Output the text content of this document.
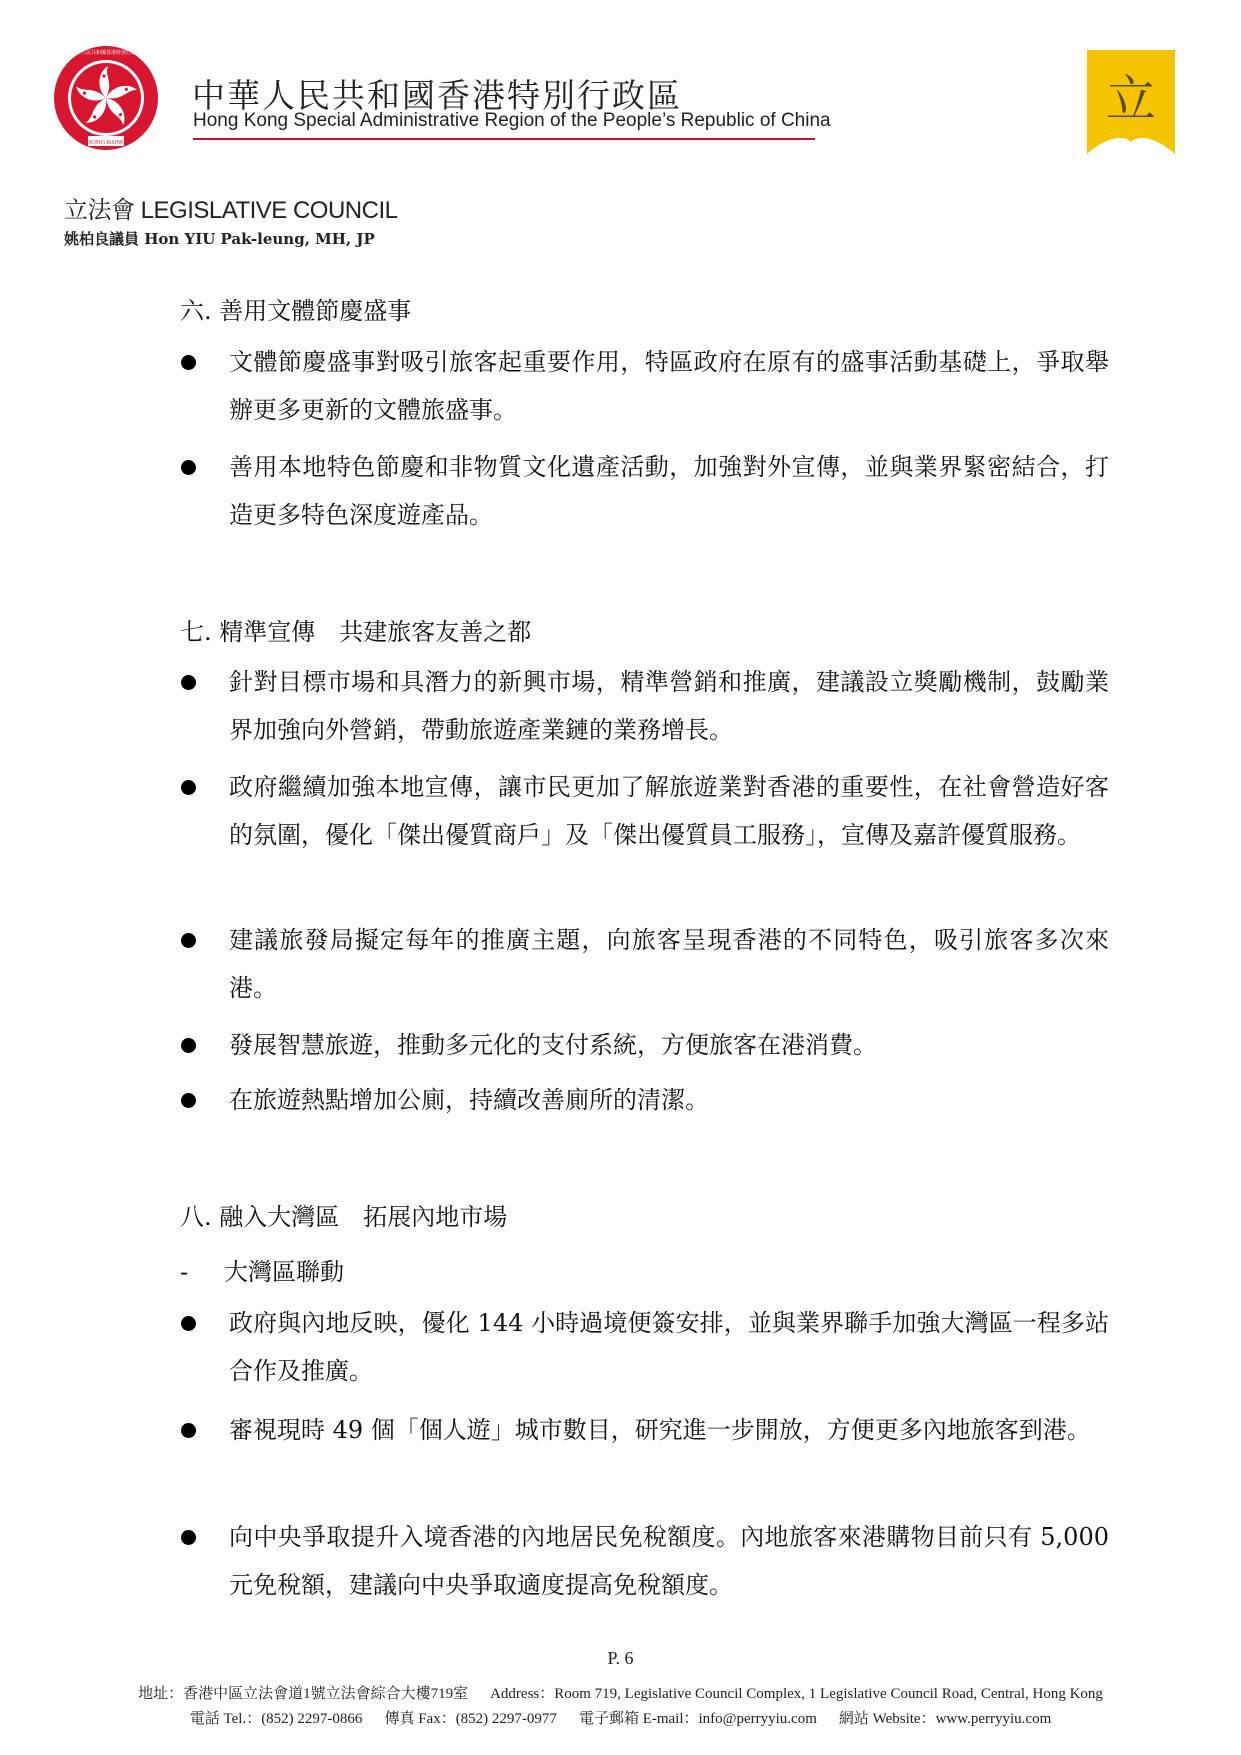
HONG KONG
中華人民共和國香港特別行政區
中華人民共和國香港特別行政區
Hong Kong Special Administrative Region of the People’s Republic of China	立
立法會 LEGISLATIVE COUNCIL
姚柏良議員 Hon YIU Pak-leung, MH, JP
六. 善用文體節慶盛事
文體節慶盛事對吸引旅客起重要作用，特區政府在原有的盛事活動基礎上，爭取舉辦更多更新的文體旅盛事。
善用本地特色節慶和非物質文化遺產活動，加強對外宣傳，並與業界緊密結合，打造更多特色深度遊產品。
七. 精準宣傳　共建旅客友善之都
針對目標市場和具潛力的新興市場，精準營銷和推廣，建議設立獎勵機制，鼓勵業界加強向外營銷，帶動旅遊產業鏈的業務增長。
政府繼續加強本地宣傳，讓市民更加了解旅遊業對香港的重要性，在社會營造好客的氛圍，優化「傑出優質商戶」及「傑出優質員工服務」，宣傳及嘉許優質服務。
建議旅發局擬定每年的推廣主題，向旅客呈現香港的不同特色，吸引旅客多次來港。
發展智慧旅遊，推動多元化的支付系統，方便旅客在港消費。
在旅遊熱點增加公廁，持續改善廁所的清潔。
八. 融入大灣區　拓展內地市場
- 大灣區聯動
政府與內地反映，優化 144 小時過境便簽安排，並與業界聯手加強大灣區一程多站合作及推廣。
審視現時 49 個「個人遊」城市數目，研究進一步開放，方便更多內地旅客到港。
向中央爭取提升入境香港的內地居民免稅額度。內地旅客來港購物目前只有 5,000 元免稅額，建議向中央爭取適度提高免稅額度。
P. 6
地址：香港中區立法會道1號立法會綜合大樓719室 Address：Room 719, Legislative Council Complex, 1 Legislative Council Road, Central, Hong Kong
電話 Tel.：(852) 2297-0866 傳真 Fax：(852) 2297-0977 電子郵箱 E-mail：info@perryyiu.com 網站 Website：www.perryyiu.com
